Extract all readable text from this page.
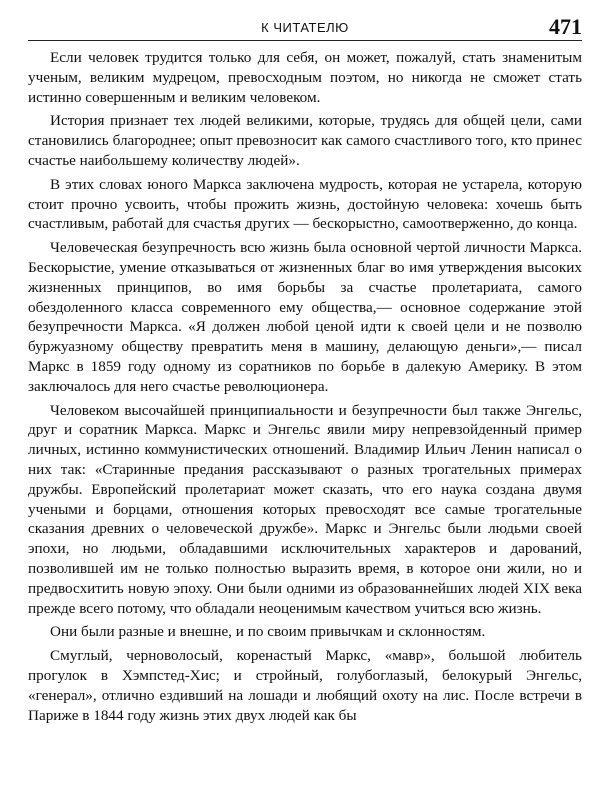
К ЧИТАТЕЛЮ	471

Если человек трудится только для себя, он может, пожалуй, стать знаменитым ученым, великим мудрецом, превосходным поэтом, но никогда не сможет стать истинно совершенным и великим человеком.

История признает тех людей великими, которые, трудясь для общей цели, сами становились благороднее; опыт превозносит как самого счастливого того, кто принес счастье наибольшему количеству людей».

В этих словах юного Маркса заключена мудрость, которая не устарела, которую стоит прочно усвоить, чтобы прожить жизнь, достойную человека: хочешь быть счастливым, работай для счастья других — бескорыстно, самоотверженно, до конца.

Человеческая безупречность всю жизнь была основной чертой личности Маркса. Бескорыстие, умение отказываться от жизненных благ во имя утверждения высоких жизненных принципов, во имя борьбы за счастье пролетариата, самого обездоленного класса современного ему общества,— основное содержание этой безупречности Маркса. «Я должен любой ценой идти к своей цели и не позволю буржуазному обществу превратить меня в машину, делающую деньги»,— писал Маркс в 1859 году одному из соратников по борьбе в далекую Америку. В этом заключалось для него счастье революционера.

Человеком высочайшей принципиальности и безупречности был также Энгельс, друг и соратник Маркса. Маркс и Энгельс явили миру непревзойденный пример личных, истинно коммунистических отношений. Владимир Ильич Ленин написал о них так: «Старинные предания рассказывают о разных трогательных примерах дружбы. Европейский пролетариат может сказать, что его наука создана двумя учеными и борцами, отношения которых превосходят все самые трогательные сказания древних о человеческой дружбе». Маркс и Энгельс были людьми своей эпохи, но людьми, обладавшими исключительных характеров и дарований, позволившей им не только полностью выразить время, в которое они жили, но и предвосхитить новую эпоху. Они были одними из образованнейших людей XIX века прежде всего потому, что обладали неоценимым качеством учиться всю жизнь.

Они были разные и внешне, и по своим привычкам и склонностям.

Смуглый, черноволосый, коренастый Маркс, «мавр», большой любитель прогулок в Хэмпстед-Хис; и стройный, голубоглазый, белокурый Энгельс, «генерал», отлично ездивший на лошади и любящий охоту на лис. После встречи в Париже в 1844 году жизнь этих двух людей как бы
